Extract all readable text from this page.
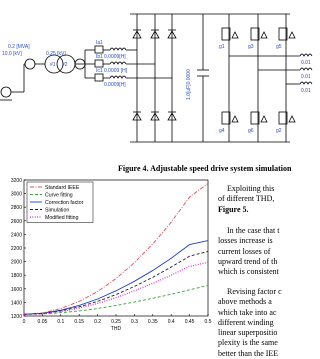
0.2 [MVA]
10.0 [kV]	0.25 [kV]
#1 #2
Ia1
Ib1
Ic1
0.0009[H]
0.0009 [H]
0.0009[H]	1.0[uF]0.0000
g1	g3	g5
g4	g6	g2
0.01
0.01
0.01
Figure 4. Adjustable speed drive system simulation
0 0.05 0.1 0.15 0.2 0.25 0.3 0.35 0.4 0.45 0.5
1200
1400
1600
1800
2000
2200
2400
2600
2800
3000
3200
THD
Standard IEEE
Curve fitting
Correction factor
Simulation
Modified fitting
Exploiting this
of different THD,
Figure 5.
In the case that t
losses increase is
current losses of
upward trend of th
which is consistent
Revising factor c
above methods a
which take into ac
different winding
linear superpositio
plexity is the same
better than the IEE
